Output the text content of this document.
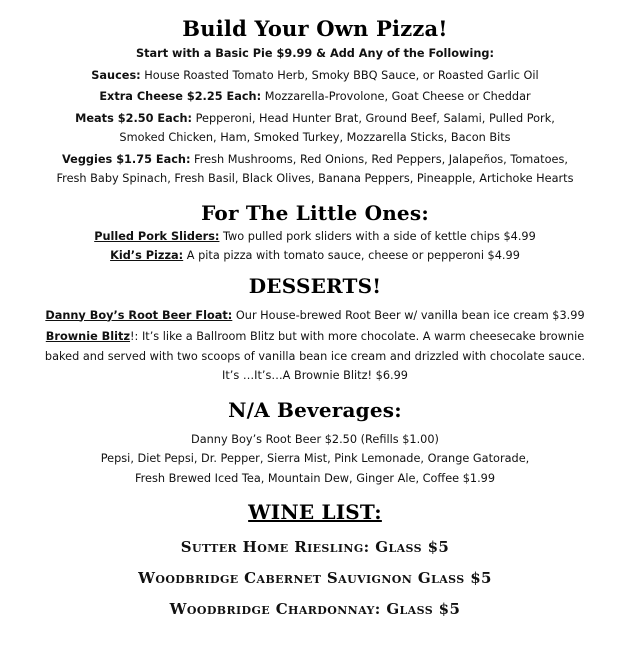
Build Your Own Pizza!

Start with a Basic Pie $9.99 & Add Any of the Following:

Sauces: House Roasted Tomato Herb, Smoky BBQ Sauce, or Roasted Garlic Oil

Extra Cheese $2.25 Each: Mozzarella-Provolone, Goat Cheese or Cheddar

Meats $2.50 Each: Pepperoni, Head Hunter Brat, Ground Beef, Salami, Pulled Pork,

Smoked Chicken, Ham, Smoked Turkey, Mozzarella Sticks, Bacon Bits

Veggies $1.75 Each: Fresh Mushrooms, Red Onions, Red Peppers, Jalapeños, Tomatoes,

Fresh Baby Spinach, Fresh Basil, Black Olives, Banana Peppers, Pineapple, Artichoke Hearts

For The Little Ones:

Pulled Pork Sliders: Two pulled pork sliders with a side of kettle chips $4.99

Kid’s Pizza: A pita pizza with tomato sauce, cheese or pepperoni $4.99

DESSERTS!

Danny Boy’s Root Beer Float: Our House-brewed Root Beer w/ vanilla bean ice cream $3.99

Brownie Blitz!: It’s like a Ballroom Blitz but with more chocolate. A warm cheesecake brownie

baked and served with two scoops of vanilla bean ice cream and drizzled with chocolate sauce.

It’s …It’s…A Brownie Blitz! $6.99

N/A Beverages:

Danny Boy’s Root Beer $2.50 (Refills $1.00)

Pepsi, Diet Pepsi, Dr. Pepper, Sierra Mist, Pink Lemonade, Orange Gatorade,

Fresh Brewed Iced Tea, Mountain Dew, Ginger Ale, Coffee $1.99

WINE LIST:

Sutter Home Riesling: Glass $5

Woodbridge Cabernet Sauvignon Glass $5

Woodbridge Chardonnay: Glass $5
